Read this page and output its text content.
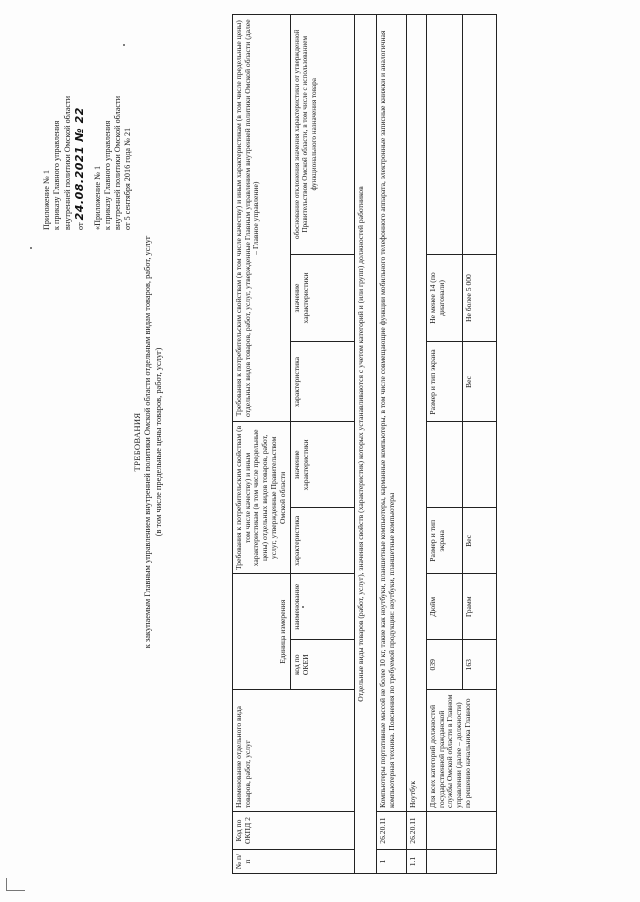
Приложение № 1 к приказу Главного управления внутренней политики Омской области от 24.08.2021 № 22 «Приложение № 1 к приказу Главного управления внутренней политики Омской области от 5 сентября 2016 года № 21
ТРЕБОВАНИЯ к закупаемым Главным управлением внутренней политики Омской области отдельным видам товаров, работ, услуг (в том числе предельные цены товаров, работ, услуг)
№ п/п	Код по ОКПД 2	Наименование отдельного вида товаров, работ, услуг	Единица измерения		Требования к потребительским свойствам (в том числе качеству) и иным характеристикам (в том числе предельные цены) отдельных видов товаров, работ, услуг, утвержденные Правительством Омской области		Требования к потребительским свойствам (в том числе качеству) и иным характеристикам (в том числе предельные цены) отдельных видов товаров, работ, услуг, утвержденные Главным управлением внутренней политики Омской области (далее – Главное управление)		

			код по ОКЕИ	наименование	характеристика	значение характеристики	характеристика	значение характеристики	обоснование отклонения значения характеристики от утвержденной Правительством Омской области, в том числе с использованием функционального назначения товара
Отдельные виды товаров (работ, услуг), значения свойств (характеристик) которых устанавливаются с учетом категорий и (или групп) должностей работников									
1	26.20.11	Компьютеры портативные массой не более 10 кг, такие как ноутбуки, планшетные компьютеры, карманные компьютеры, в том числе совмещающие функции мобильного телефонного аппарата, электронные записные книжки и аналогичная компьютерная техника. Пояснения по требуемой продукции: ноутбуки, планшетные компьютеры							
1.1	26.20.11	Ноутбук							
		Для всех категорий должностей государственной гражданской службы Омской области в Главном управлении (далее – должности) по решению начальника Главного	039	Дюйм	Размер и тип экрана		Размер и тип экрана	Не менее 14 (по диагонали)	
			163	Грамм	Вес		Вес	Не более 5 000	
